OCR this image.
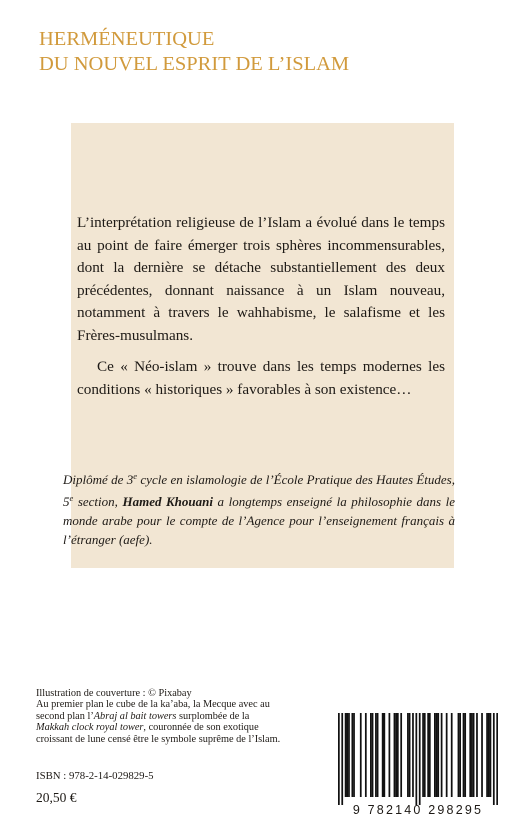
HERMÉNEUTIQUE
DU NOUVEL ESPRIT DE L’ISLAM

L’interprétation religieuse de l’Islam a évolué dans le temps au point de faire émerger trois sphères incommensurables, dont la dernière se détache substantiellement des deux précédentes, donnant naissance à un Islam nouveau, notamment à travers le wahhabisme, le salafisme et les Frères-musulmans.

Ce « Néo-islam » trouve dans les temps modernes les conditions « historiques » favorables à son existence…

Diplômé de 3e cycle en islamologie de l’École Pratique des Hautes Études, 5e section, Hamed Khouani a longtemps enseigné la philosophie dans le monde arabe pour le compte de l’Agence pour l’enseignement français à l’étranger (aefe).
Illustration de couverture : © Pixabay
Au premier plan le cube de la ka’aba, la Mecque avec au second plan l’Abraj al bait towers surplombée de la Makkah clock royal tower, couronnée de son exotique croissant de lune censé être le symbole suprême de l’Islam.
ISBN : 978-2-14-029829-5
20,50 €
9 782140 298295
